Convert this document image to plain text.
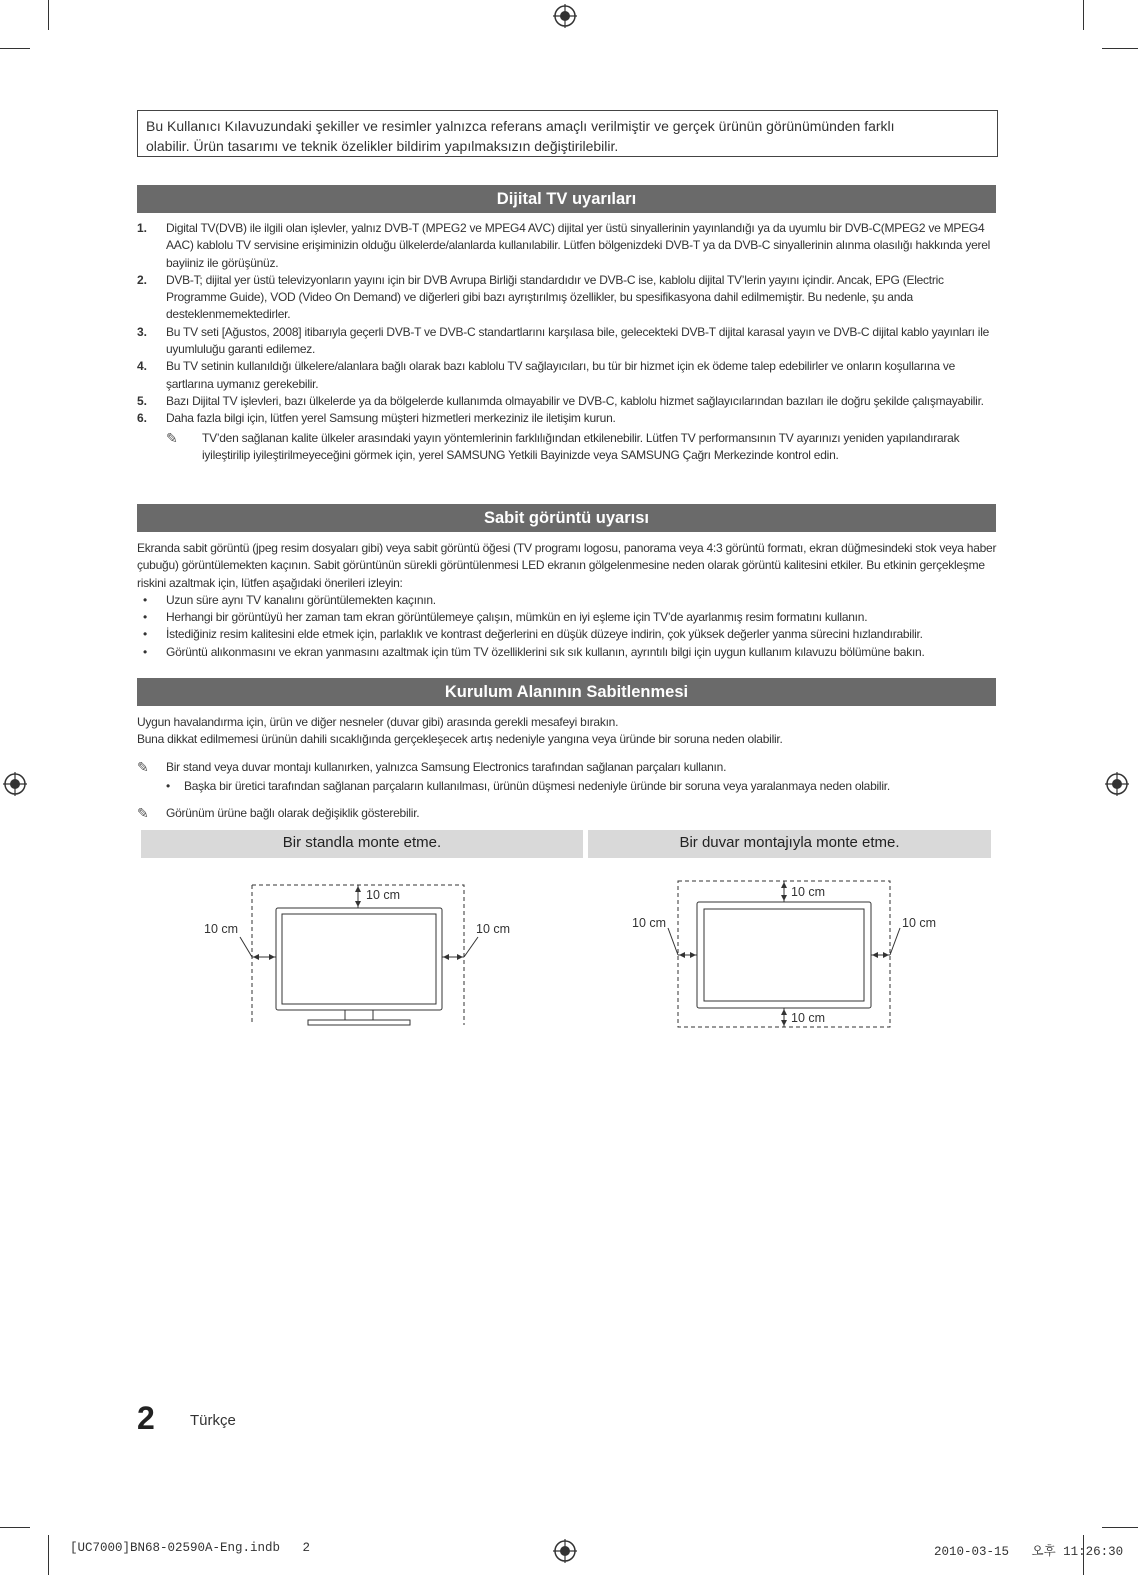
Bu Kullanıcı Kılavuzundaki şekiller ve resimler yalnızca referans amaçlı verilmiştir ve gerçek ürünün görünümünden farklı
olabilir. Ürün tasarımı ve teknik özelikler bildirim yapılmaksızın değiştirilebilir.
Dijital TV uyarıları
1.	Digital TV(DVB) ile ilgili olan işlevler, yalnız DVB-T (MPEG2 ve MPEG4 AVC) dijital yer üstü sinyallerinin yayınlandığı ya da uyumlu bir DVB-C(MPEG2 ve MPEG4 AAC) kablolu TV servisine erişiminizin olduğu ülkelerde/alanlarda kullanılabilir. Lütfen bölgenizdeki DVB-T ya da DVB-C sinyallerinin alınma olasılığı hakkında yerel bayiiniz ile görüşünüz.
2.	DVB-T; dijital yer üstü televizyonların yayını için bir DVB Avrupa Birliği standardıdır ve DVB-C ise, kablolu dijital TV’lerin yayını içindir. Ancak, EPG (Electric Programme Guide), VOD (Video On Demand) ve diğerleri gibi bazı ayrıştırılmış özellikler, bu spesifikasyona dahil edilmemiştir. Bu nedenle, şu anda desteklenmemektedirler.
3.	Bu TV seti [Ağustos, 2008] itibarıyla geçerli DVB-T ve DVB-C standartlarını karşılasa bile, gelecekteki DVB-T dijital karasal yayın ve DVB-C dijital kablo yayınları ile uyumluluğu garanti edilemez.
4.	Bu TV setinin kullanıldığı ülkelere/alanlara bağlı olarak bazı kablolu TV sağlayıcıları, bu tür bir hizmet için ek ödeme talep edebilirler ve onların koşullarına ve şartlarına uymanız gerekebilir.
5.	Bazı Dijital TV işlevleri, bazı ülkelerde ya da bölgelerde kullanımda olmayabilir ve DVB-C, kablolu hizmet sağlayıcılarından bazıları ile doğru şekilde çalışmayabilir.
6.	Daha fazla bilgi için, lütfen yerel Samsung müşteri hizmetleri merkeziniz ile iletişim kurun.
✎	TV’den sağlanan kalite ülkeler arasındaki yayın yöntemlerinin farklılığından etkilenebilir. Lütfen TV performansının TV ayarınızı yeniden yapılandırarak iyileştirilip iyileştirilmeyeceğini görmek için, yerel SAMSUNG Yetkili Bayinizde veya SAMSUNG Çağrı Merkezinde kontrol edin.
Sabit görüntü uyarısı
Ekranda sabit görüntü (jpeg resim dosyaları gibi) veya sabit görüntü öğesi (TV programı logosu, panorama veya 4:3 görüntü formatı, ekran düğmesindeki stok veya haber çubuğu) görüntülemekten kaçının. Sabit görüntünün sürekli görüntülenmesi LED ekranın gölgelenmesine neden olarak görüntü kalitesini etkiler. Bu etkinin gerçekleşme riskini azaltmak için, lütfen aşağıdaki önerileri izleyin:
•	Uzun süre aynı TV kanalını görüntülemekten kaçının.
•	Herhangi bir görüntüyü her zaman tam ekran görüntülemeye çalışın, mümkün en iyi eşleme için TV’de ayarlanmış resim formatını kullanın.
•	İstediğiniz resim kalitesini elde etmek için, parlaklık ve kontrast değerlerini en düşük düzeye indirin, çok yüksek değerler yanma sürecini hızlandırabilir.
•	Görüntü alıkonmasını ve ekran yanmasını azaltmak için tüm TV özelliklerini sık sık kullanın, ayrıntılı bilgi için uygun kullanım kılavuzu bölümüne bakın.
Kurulum Alanının Sabitlenmesi
Uygun havalandırma için, ürün ve diğer nesneler (duvar gibi) arasında gerekli mesafeyi bırakın.
Buna dikkat edilmemesi ürünün dahili sıcaklığında gerçekleşecek artış nedeniyle yangına veya üründe bir soruna neden olabilir.
✎	Bir stand veya duvar montajı kullanırken, yalnızca Samsung Electronics tarafından sağlanan parçaları kullanın.
•	Başka bir üretici tarafından sağlanan parçaların kullanılması, ürünün düşmesi nedeniyle üründe bir soruna veya yaralanmaya neden olabilir.
✎	Görünüm ürüne bağlı olarak değişiklik gösterebilir.
Bir standla monte etme.	Bir duvar montajıyla monte etme.
10 cm
10 cm	10 cm
10 cm
10 cm	10 cm
10 cm
2 Türkçe
[UC7000]BN68-02590A-Eng.indb   2	2010-03-15   오후 11:26:30
